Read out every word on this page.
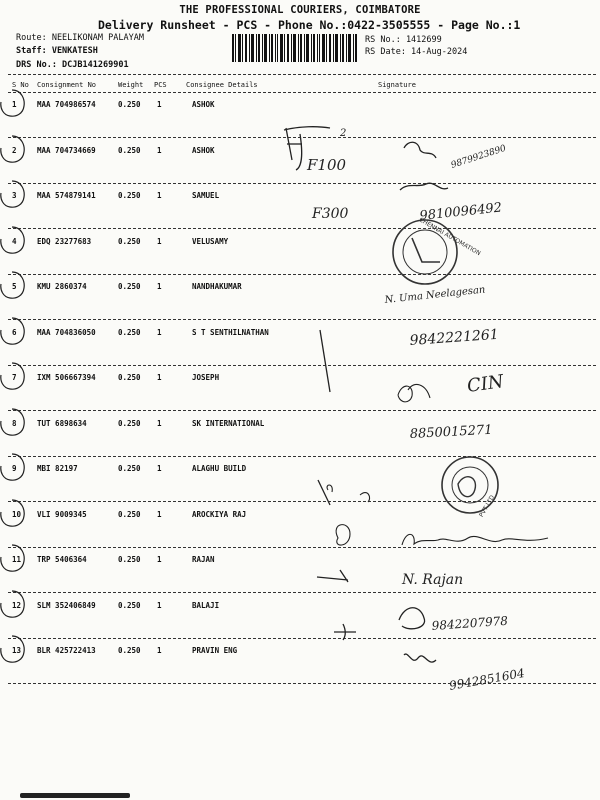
THE PROFESSIONAL COURIERS, COIMBATORE
Delivery Runsheet - PCS - Phone No.:0422-3505555 - Page No.:1
Route: NEELIKONAM PALAYAM
Staff: VENKATESH
DRS No.: DCJB141269901
RS No.: 1412699
RS Date: 14-Aug-2024
S No Consignment No	Weight PCS	Consignee Details	Signature
1	MAA 704986574	0.250 1	ASHOK
2	MAA 704734669	0.250 1	ASHOK
3	MAA 574879141	0.250 1	SAMUEL
4	EDQ 23277683	0.250 1	VELUSAMY
5	KMU 2860374	0.250 1	NANDHAKUMAR
6	MAA 704836050	0.250 1	S T SENTHILNATHAN
7	IXM 506667394	0.250 1	JOSEPH
8	TUT 6898634	0.250 1	SK INTERNATIONAL
9	MBI 82197	0.250 1	ALAGHU BUILD
10 VLI 9009345	0.250 1	AROCKIYA RAJ
11 TRP 5406364	0.250 1	RAJAN
12 SLM 352406849	0.250 1	BALAJI
13 BLR 425722413	0.250 1	PRAVIN ENG
F100
2
F300
9879923890
9810096492
N. Uma Neelagesan
9842221261
CIN
8850015271
N. Rajan
9842207978
9942851604
CHENNAI AUTOMATION
PVT LTD
